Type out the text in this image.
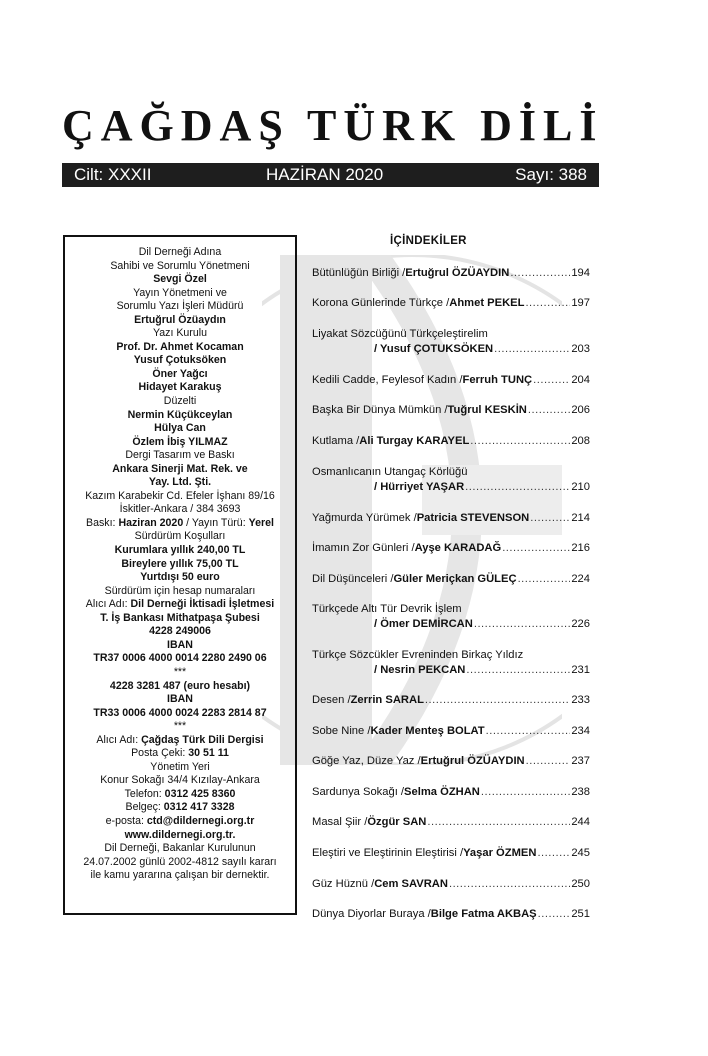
ÇAĞDAŞ TÜRK DİLİ
Cilt: XXXII	HAZİRAN 2020	Sayı: 388
Dil Derneği Adına
Sahibi ve Sorumlu Yönetmeni
Sevgi Özel
Yayın Yönetmeni ve
Sorumlu Yazı İşleri Müdürü
Ertuğrul Özüaydın
Yazı Kurulu
Prof. Dr. Ahmet Kocaman
Yusuf Çotuksöken
Öner Yağcı
Hidayet Karakuş
Düzelti
Nermin Küçükceylan
Hülya Can
Özlem İbiş YILMAZ
Dergi Tasarım ve Baskı
Ankara Sinerji Mat. Rek. ve
Yay. Ltd. Şti.
Kazım Karabekir Cd. Efeler İşhanı 89/16
İskitler-Ankara / 384 3693
Baskı: Haziran 2020 / Yayın Türü: Yerel
Sürdürüm Koşulları
Kurumlara yıllık 240,00 TL
Bireylere yıllık 75,00 TL
Yurtdışı 50 euro
Sürdürüm için hesap numaraları
Alıcı Adı: Dil Derneği İktisadi İşletmesi
T. İş Bankası Mithatpaşa Şubesi
4228 249006
IBAN
TR37 0006 4000 0014 2280 2490 06
***
4228 3281 487 (euro hesabı)
IBAN
TR33 0006 4000 0024 2283 2814 87
***
Alıcı Adı: Çağdaş Türk Dili Dergisi
Posta Çeki: 30 51 11
Yönetim Yeri
Konur Sokağı 34/4 Kızılay-Ankara
Telefon: 0312 425 8360
Belgeç: 0312 417 3328
e-posta: ctd@dildernegi.org.tr
www.dildernegi.org.tr.
Dil Derneği, Bakanlar Kurulunun
24.07.2002 günlü 2002-4812 sayılı kararı
ile kamu yararına çalışan bir dernektir.
İÇİNDEKİLER
Bütünlüğün Birliği / Ertuğrul ÖZÜAYDIN .....	194
Korona Günlerinde Türkçe / Ahmet PEKEL .....	197
Liyakat Sözcüğünü Türkçeleştirelim
/ Yusuf ÇOTUKSÖKEN .....	203
Kedili Cadde, Feylesof Kadın / Ferruh TUNÇ .....	204
Başka Bir Dünya Mümkün / Tuğrul KESKİN .....	206
Kutlama / Ali Turgay KARAYEL .....	208
Osmanlıcanın Utangaç Körlüğü
/ Hürriyet YAŞAR .....	210
Yağmurda Yürümek / Patricia STEVENSON .....	214
İmamın Zor Günleri / Ayşe KARADAĞ .....	216
Dil Düşünceleri / Güler Meriçkan GÜLEÇ .....	224
Türkçede Altı Tür Devrik İşlem
/ Ömer DEMİRCAN .....	226
Türkçe Sözcükler Evreninden Birkaç Yıldız
/ Nesrin PEKCAN .....	231
Desen / Zerrin SARAL .....	233
Sobe Nine / Kader Menteş BOLAT .....	234
Göğe Yaz, Düze Yaz / Ertuğrul ÖZÜAYDIN .....	237
Sardunya Sokağı / Selma ÖZHAN .....	238
Masal Şiir / Özgür SAN .....	244
Eleştiri ve Eleştirinin Eleştirisi / Yaşar ÖZMEN .....	245
Güz Hüznü / Cem SAVRAN .....	250
Dünya Diyorlar Buraya / Bilge Fatma AKBAŞ .....	251
